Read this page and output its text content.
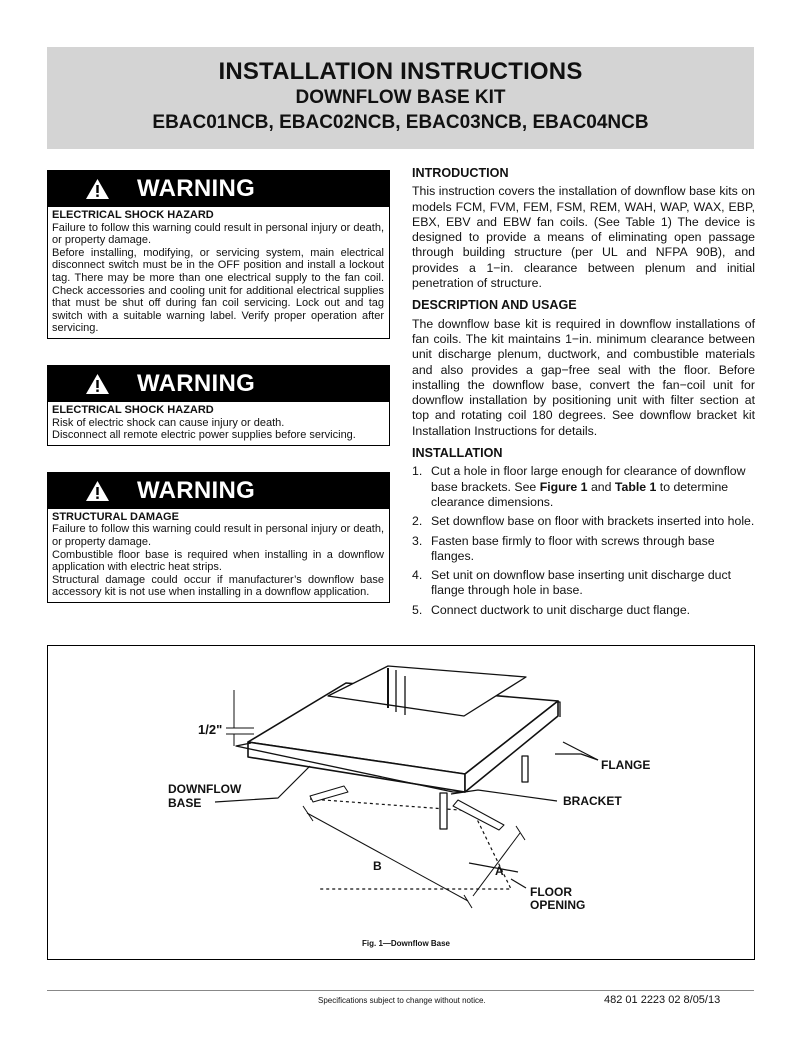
INSTALLATION INSTRUCTIONS
DOWNFLOW BASE KIT
EBAC01NCB, EBAC02NCB, EBAC03NCB, EBAC04NCB
WARNING

ELECTRICAL SHOCK HAZARD

Failure to follow this warning could result in personal injury or death, or property damage.

Before installing, modifying, or servicing system, main electrical disconnect switch must be in the OFF position and install a lockout tag. There may be more than one electrical supply to the fan coil. Check accessories and cooling unit for additional electrical supplies that must be shut off during fan coil servicing. Lock out and tag switch with a suitable warning label. Verify proper operation after servicing.

WARNING

ELECTRICAL SHOCK HAZARD

Risk of electric shock can cause injury or death.

Disconnect all remote electric power supplies before servicing.

WARNING

STRUCTURAL DAMAGE

Failure to follow this warning could result in personal injury or death, or property damage.

Combustible floor base is required when installing in a downflow application with electric heat strips.

Structural damage could occur if manufacturer’s downflow base accessory kit is not use when installing in a downflow application.

INTRODUCTION

This instruction covers the installation of downflow base kits on models FCM, FVM, FEM, FSM, REM, WAH, WAP, WAX, EBP, EBX, EBV and EBW fan coils. (See Table 1) The device is designed to provide a means of eliminating open passage through building structure (per UL and NFPA 90B), and provides a 1−in. clearance between plenum and initial penetration of structure.

DESCRIPTION AND USAGE

The downflow base kit is required in downflow installations of fan coils. The kit maintains 1−in. minimum clearance between unit discharge plenum, ductwork, and combustible materials and also provides a gap−free seal with the floor. Before installing the downflow base, convert the fan−coil unit for downflow installation by positioning unit with filter section at top and rotating coil 180 degrees. See downflow bracket kit Installation Instructions for details.

INSTALLATION
1. Cut a hole in floor large enough for clearance of downflow base brackets. See Figure 1 and Table 1 to determine clearance dimensions.
2. Set downflow base on floor with brackets inserted into hole.
3. Fasten base firmly to floor with screws through base flanges.
4. Set unit on downflow base inserting unit discharge duct flange through hole in base.
5. Connect ductwork to unit discharge duct flange.
1/2"
DOWNFLOW
BASE
FLANGE
BRACKET
B	A
FLOOR
OPENING
Fig. 1—Downflow Base
Specifications subject to change without notice.	482 01 2223 02 8/05/13
